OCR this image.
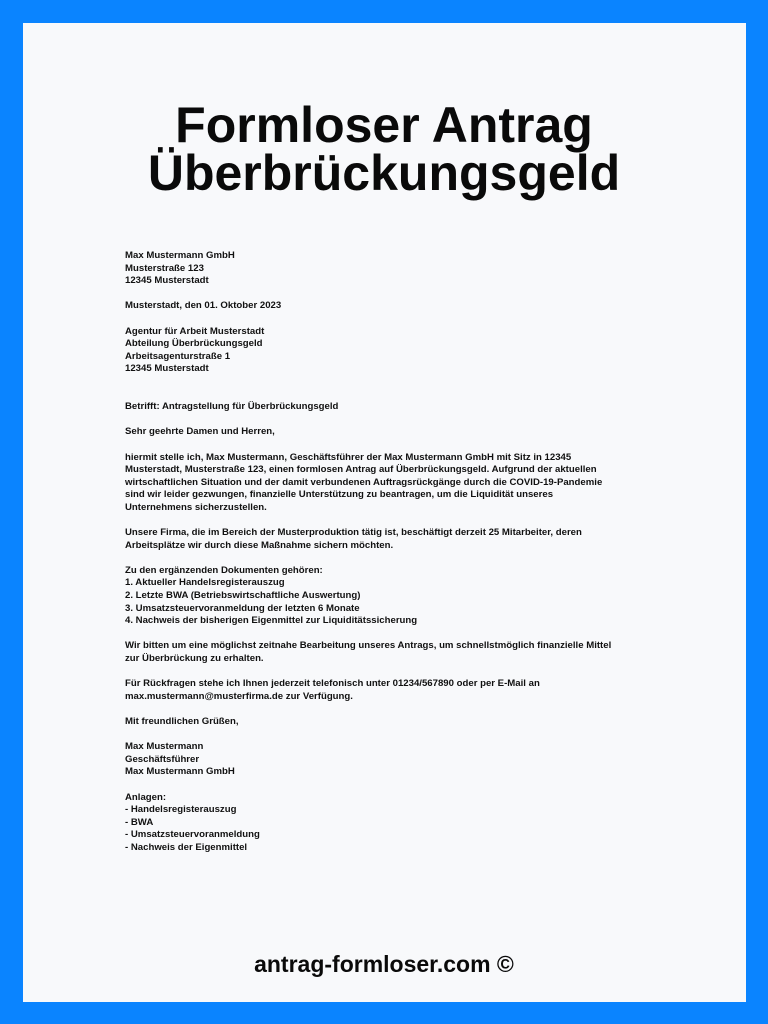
Formloser Antrag
Überbrückungsgeld
Max Mustermann GmbH
Musterstraße 123
12345 Musterstadt
Musterstadt, den 01. Oktober 2023
Agentur für Arbeit Musterstadt
Abteilung Überbrückungsgeld
Arbeitsagenturstraße 1
12345 Musterstadt
Betrifft: Antragstellung für Überbrückungsgeld
Sehr geehrte Damen und Herren,
hiermit stelle ich, Max Mustermann, Geschäftsführer der Max Mustermann GmbH mit Sitz in 12345
Musterstadt, Musterstraße 123, einen formlosen Antrag auf Überbrückungsgeld. Aufgrund der aktuellen
wirtschaftlichen Situation und der damit verbundenen Auftragsrückgänge durch die COVID-19-Pandemie
sind wir leider gezwungen, finanzielle Unterstützung zu beantragen, um die Liquidität unseres
Unternehmens sicherzustellen.
Unsere Firma, die im Bereich der Musterproduktion tätig ist, beschäftigt derzeit 25 Mitarbeiter, deren
Arbeitsplätze wir durch diese Maßnahme sichern möchten.
Zu den ergänzenden Dokumenten gehören:
1. Aktueller Handelsregisterauszug
2. Letzte BWA (Betriebswirtschaftliche Auswertung)
3. Umsatzsteuervoranmeldung der letzten 6 Monate
4. Nachweis der bisherigen Eigenmittel zur Liquiditätssicherung
Wir bitten um eine möglichst zeitnahe Bearbeitung unseres Antrags, um schnellstmöglich finanzielle Mittel
zur Überbrückung zu erhalten.
Für Rückfragen stehe ich Ihnen jederzeit telefonisch unter 01234/567890 oder per E-Mail an
max.mustermann@musterfirma.de zur Verfügung.
Mit freundlichen Grüßen,
Max Mustermann
Geschäftsführer
Max Mustermann GmbH
Anlagen:
- Handelsregisterauszug
- BWA
- Umsatzsteuervoranmeldung
- Nachweis der Eigenmittel
antrag-formloser.com ©
